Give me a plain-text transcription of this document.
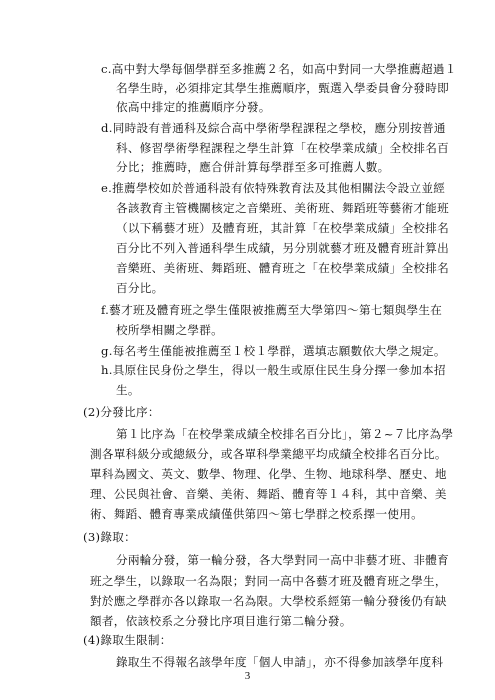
c.高中對大學每個學群至多推薦２名，如高中對同一大學推薦超過１
名學生時，必須排定其學生推薦順序，甄選入學委員會分發時即
依高中排定的推薦順序分發。
d.同時設有普通科及綜合高中學術學程課程之學校，應分別按普通
科、修習學術學程課程之學生計算「在校學業成績」全校排名百
分比；推薦時，應合併計算每學群至多可推薦人數。
e.推薦學校如於普通科設有依特殊教育法及其他相關法令設立並經
各該教育主管機關核定之音樂班、美術班、舞蹈班等藝術才能班
（以下稱藝才班）及體育班，其計算「在校學業成績」全校排名
百分比不列入普通科學生成績，另分別就藝才班及體育班計算出
音樂班、美術班、舞蹈班、體育班之「在校學業成績」全校排名
百分比。
f.藝才班及體育班之學生僅限被推薦至大學第四～第七類與學生在
校所學相關之學群。
g.每名考生僅能被推薦至１校１學群，選填志願數依大學之規定。
h.具原住民身份之學生，得以一般生或原住民生身分擇一參加本招
生。
(2)分發比序：
第１比序為「在校學業成績全校排名百分比」，第２~７比序為學
測各單科級分或總級分，或各單科學業總平均成績全校排名百分比。
單科為國文、英文、數學、物理、化學、生物、地球科學、歷史、地
理、公民與社會、音樂、美術、舞蹈、體育等１４科，其中音樂、美
術、舞蹈、體育專業成績僅供第四～第七學群之校系擇一使用。
(3)錄取：
分兩輪分發，第一輪分發，各大學對同一高中非藝才班、非體育
班之學生，以錄取一名為限；對同一高中各藝才班及體育班之學生，
對於應之學群亦各以錄取一名為限。大學校系經第一輪分發後仍有缺
額者，依該校系之分發比序項目進行第二輪分發。
(4)錄取生限制：
錄取生不得報名該學年度「個人申請」，亦不得參加該學年度科
3
